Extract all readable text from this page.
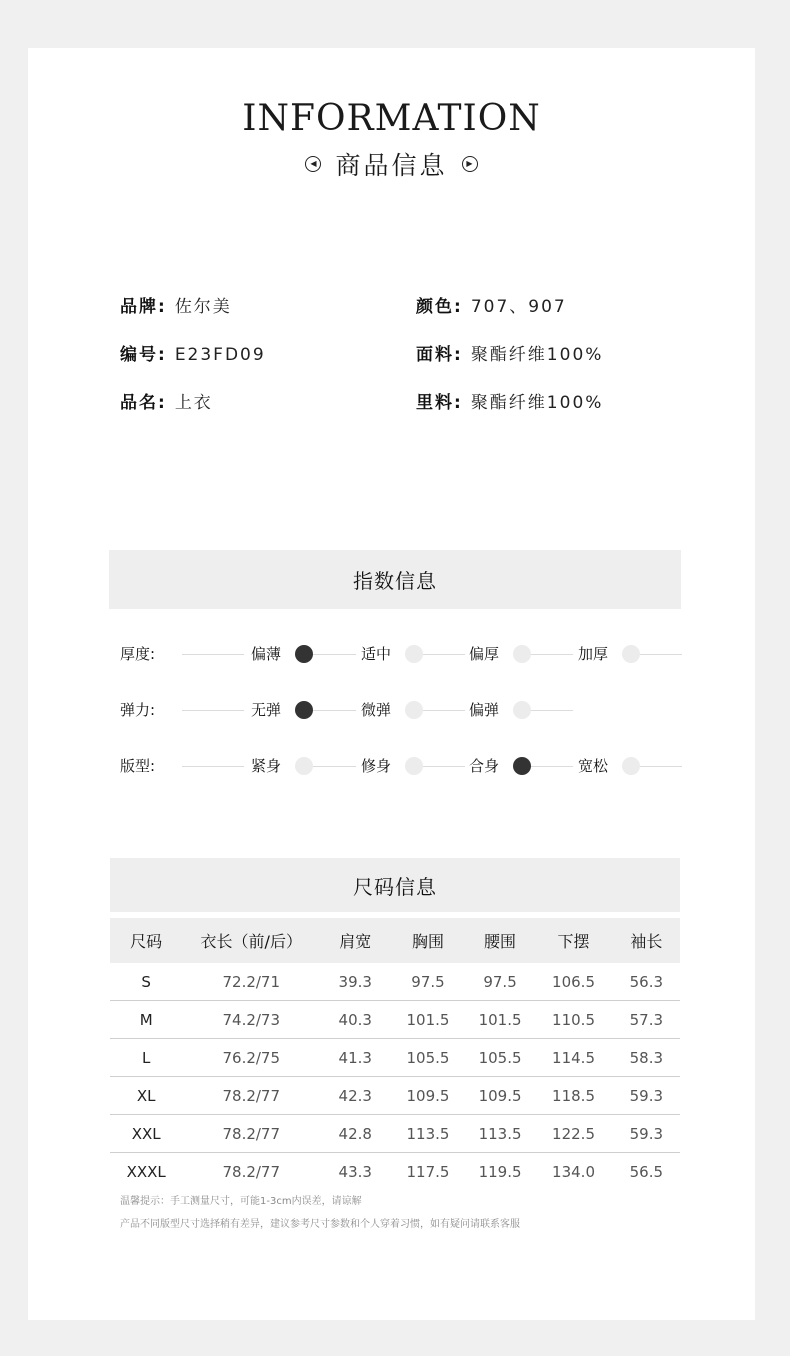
INFORMATION
◀ 商品信息	▶
品牌: 佐尔美	颜色: 707、907
编号: E23FD09	面料: 聚酯纤维100%
品名: 上衣	里料: 聚酯纤维100%
指数信息
厚度:	偏薄	适中	偏厚	加厚
弹力:	无弹	微弹	偏弹
版型:	紧身	修身	合身	宽松
尺码信息
尺码	衣长（前/后）	肩宽	胸围	腰围	下摆	袖长
S	72.2/71	39.3	97.5	97.5	106.5	56.3
M	74.2/73	40.3	101.5	101.5	110.5	57.3
L	76.2/75	41.3	105.5	105.5	114.5	58.3
XL	78.2/77	42.3	109.5	109.5	118.5	59.3
XXL	78.2/77	42.8	113.5	113.5	122.5	59.3
XXXL	78.2/77	43.3	117.5	119.5	134.0	56.5
温馨提示：手工测量尺寸，可能1-3cm内误差，请谅解
产品不同版型尺寸选择稍有差异，建议参考尺寸参数和个人穿着习惯，如有疑问请联系客服
